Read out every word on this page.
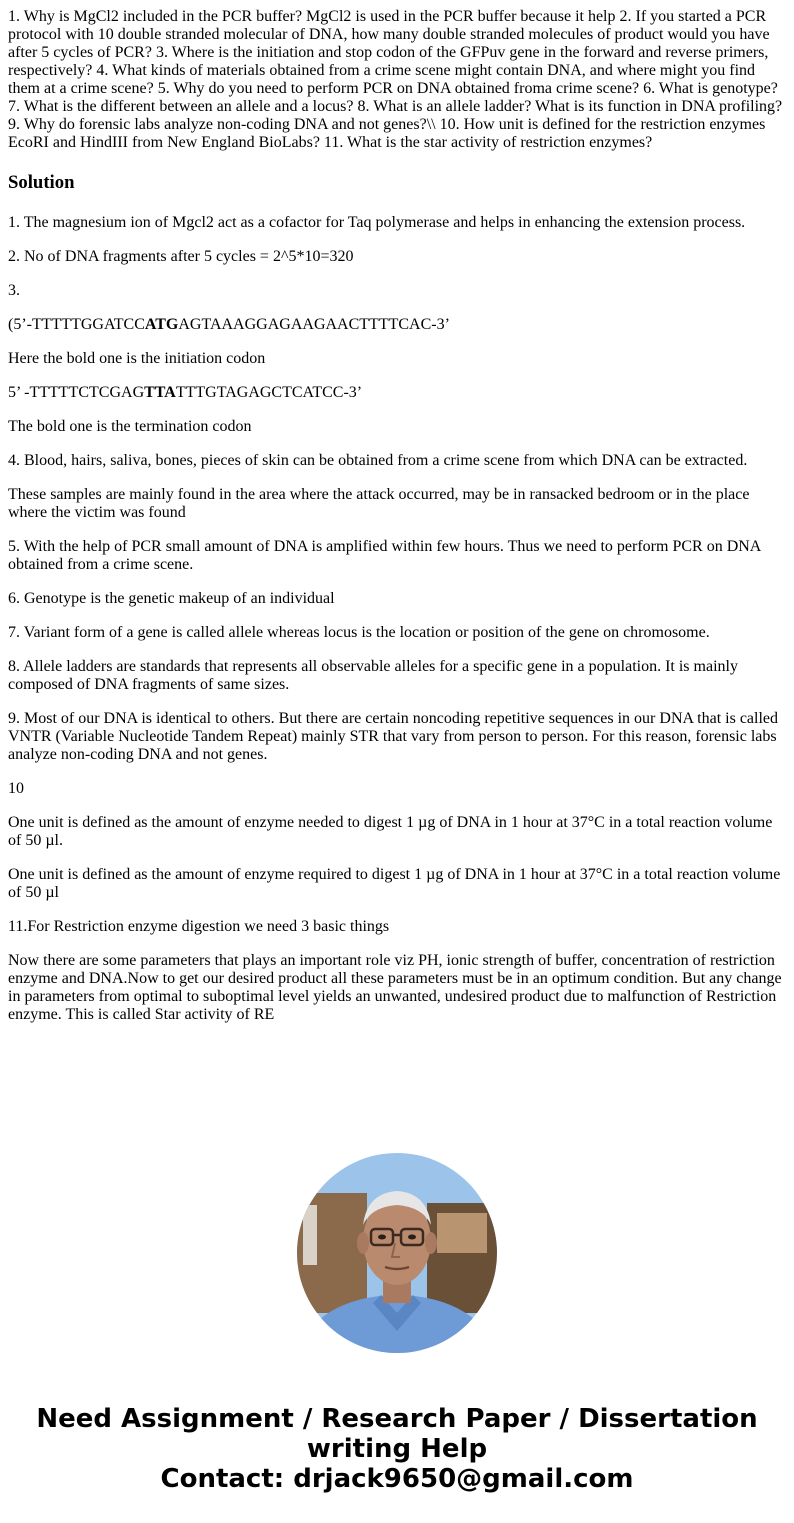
1. Why is MgCl2 included in the PCR buffer? MgCl2 is used in the PCR buffer because it help 2. If you started a PCR protocol with 10 double stranded molecular of DNA, how many double stranded molecules of product would you have after 5 cycles of PCR? 3. Where is the initiation and stop codon of the GFPuv gene in the forward and reverse primers, respectively? 4. What kinds of materials obtained from a crime scene might contain DNA, and where might you find them at a crime scene? 5. Why do you need to perform PCR on DNA obtained froma crime scene? 6. What is genotype? 7. What is the different between an allele and a locus? 8. What is an allele ladder? What is its function in DNA profiling? 9. Why do forensic labs analyze non-coding DNA and not genes?\\ 10. How unit is defined for the restriction enzymes EcoRI and HindIII from New England BioLabs? 11. What is the star activity of restriction enzymes?
Solution
1. The magnesium ion of Mgcl2 act as a cofactor for Taq polymerase and helps in enhancing the extension process.
2. No of DNA fragments after 5 cycles = 2^5*10=320
3.
(5’-TTTTTGGATCCATGAGTAAAGGAGAAGAACTTTTCAC-3’
Here the bold one is the initiation codon
5’ -TTTTTCTCGAGTTATTTGTAGAGCTCATCC-3’
The bold one is the termination codon
4. Blood, hairs, saliva, bones, pieces of skin can be obtained from a crime scene from which DNA can be extracted.
These samples are mainly found in the area where the attack occurred, may be in ransacked bedroom or in the place where the victim was found
5. With the help of PCR small amount of DNA is amplified within few hours. Thus we need to perform PCR on DNA obtained from a crime scene.
6. Genotype is the genetic makeup of an individual
7. Variant form of a gene is called allele whereas locus is the location or position of the gene on chromosome.
8. Allele ladders are standards that represents all observable alleles for a specific gene in a population. It is mainly composed of DNA fragments of same sizes.
9. Most of our DNA is identical to others. But there are certain noncoding repetitive sequences in our DNA that is called VNTR (Variable Nucleotide Tandem Repeat) mainly STR that vary from person to person. For this reason, forensic labs analyze non-coding DNA and not genes.
10
One unit is defined as the amount of enzyme needed to digest 1 µg of DNA in 1 hour at 37°C in a total reaction volume of 50 µl.
One unit is defined as the amount of enzyme required to digest 1 µg of DNA in 1 hour at 37°C in a total reaction volume of 50 µl
11.For Restriction enzyme digestion we need 3 basic things
Now there are some parameters that plays an important role viz PH, ionic strength of buffer, concentration of restriction enzyme and DNA.Now to get our desired product all these parameters must be in an optimum condition. But any change in parameters from optimal to suboptimal level yields an unwanted, undesired product due to malfunction of Restriction enzyme. This is called Star activity of RE
Need Assignment / Research Paper / Dissertation
writing Help
Contact: drjack9650@gmail.com
